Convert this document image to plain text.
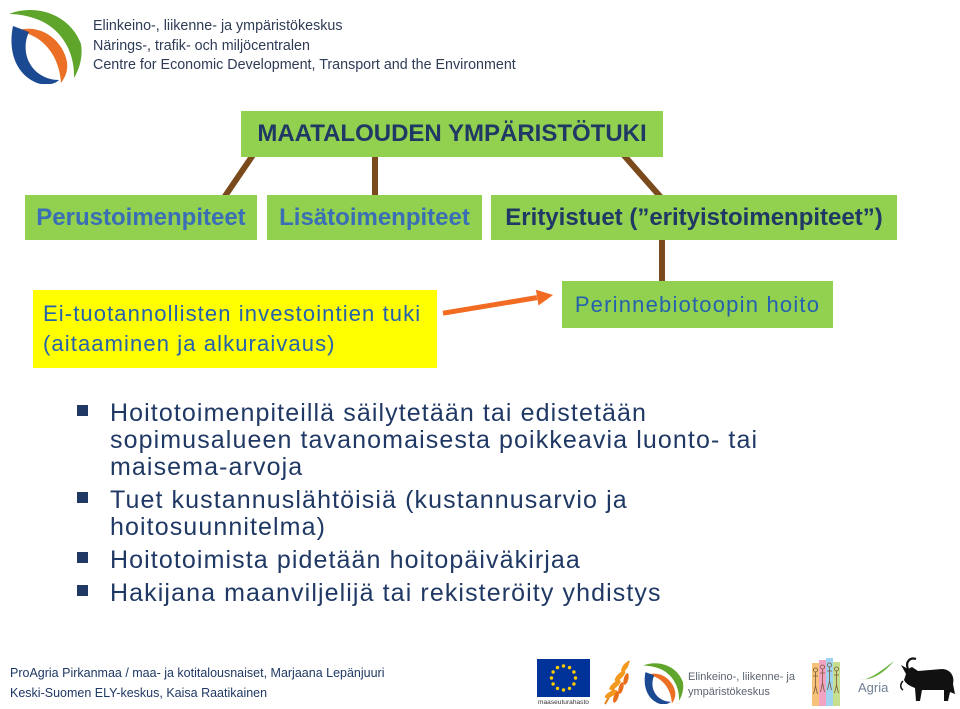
Elinkeino-, liikenne- ja ympäristökeskus
Närings-, trafik- och miljöcentralen
Centre for Economic Development, Transport and the Environment
MAATALOUDEN YMPÄRISTÖTUKI
Perustoimenpiteet Lisätoimenpiteet Erityistuet (”erityistoimenpiteet”)
Ei-tuotannollisten investointien tuki
(aitaaminen ja alkuraivaus)
Perinnebiotoopin hoito
Hoitotoimenpiteillä säilytetään tai edistetään
sopimusalueen tavanomaisesta poikkeavia luonto- tai
maisema-arvoja
Tuet kustannuslähtöisiä (kustannusarvio ja
hoitosuunnitelma)
Hoitotoimista pidetään hoitopäiväkirjaa
Hakijana maanviljelijä tai rekisteröity yhdistys
ProAgria Pirkanmaa / maa- ja kotitalousnaiset, Marjaana Lepänjuuri
Keski-Suomen ELY-keskus, Kaisa Raatikainen
maaseuturahasto
Elinkeino-, liikenne- ja
ympäristökeskus	Agria
